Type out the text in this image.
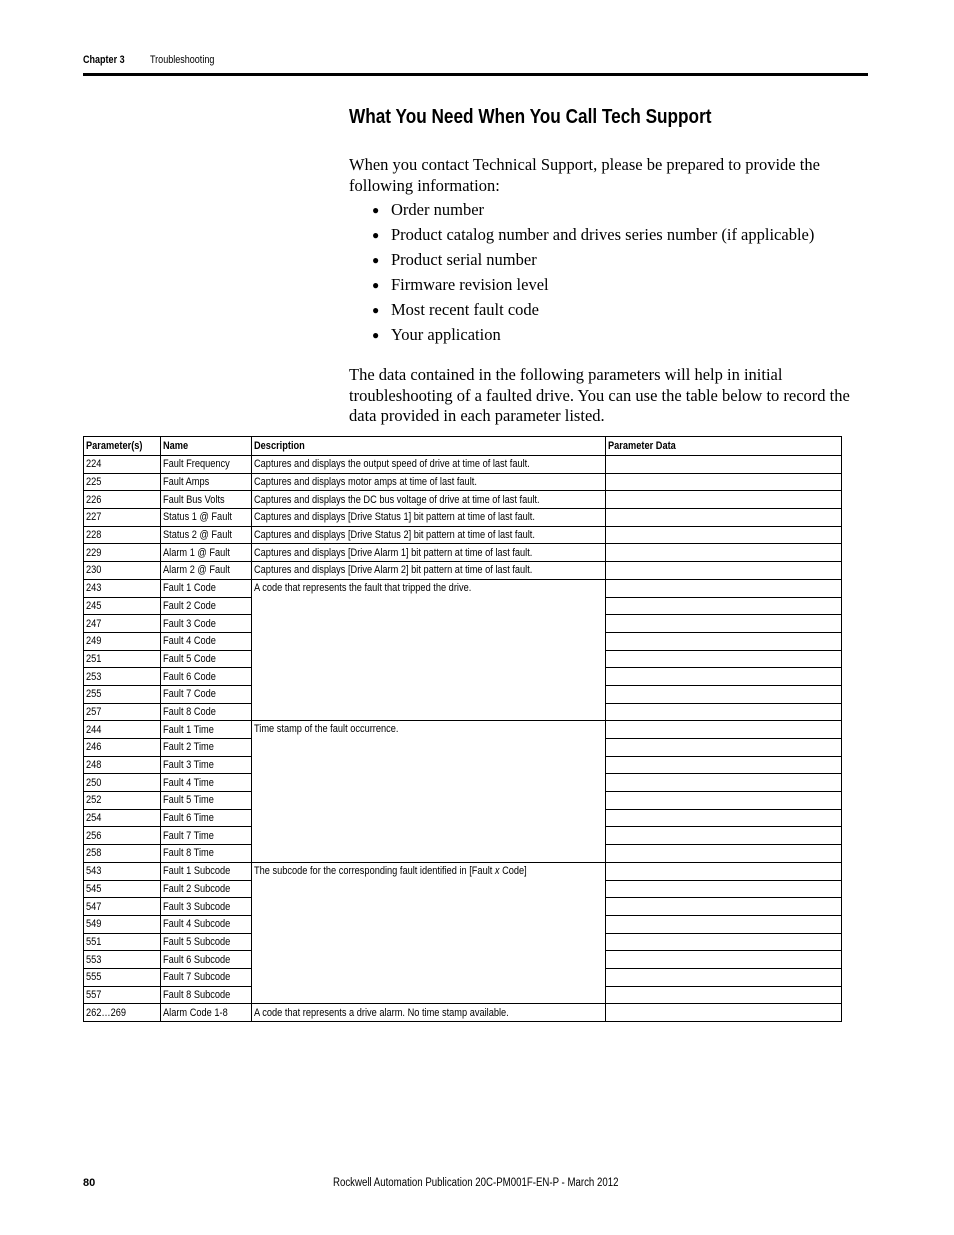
Chapter 3 Troubleshooting
What You Need When You Call Tech Support
When you contact Technical Support, please be prepared to provide the following information:
● Order number
● Product catalog number and drives series number (if applicable)
● Product serial number
● Firmware revision level
● Most recent fault code
● Your application
The data contained in the following parameters will help in initial troubleshooting of a faulted drive. You can use the table below to record the data provided in each parameter listed.
Parameter(s)	Name	Description	Parameter Data
224	Fault Frequency	Captures and displays the output speed of drive at time of last fault.	
225	Fault Amps	Captures and displays motor amps at time of last fault.	
226	Fault Bus Volts	Captures and displays the DC bus voltage of drive at time of last fault.	
227	Status 1 @ Fault	Captures and displays [Drive Status 1] bit pattern at time of last fault.	
228	Status 2 @ Fault	Captures and displays [Drive Status 2] bit pattern at time of last fault.	
229	Alarm 1 @ Fault	Captures and displays [Drive Alarm 1] bit pattern at time of last fault.	
230	Alarm 2 @ Fault	Captures and displays [Drive Alarm 2] bit pattern at time of last fault.	
243	Fault 1 Code	A code that represents the fault that tripped the drive.	
245	Fault 2 Code		
247	Fault 3 Code		
249	Fault 4 Code		
251	Fault 5 Code		
253	Fault 6 Code		
255	Fault 7 Code		
257	Fault 8 Code		
244	Fault 1 Time	Time stamp of the fault occurrence.	
246	Fault 2 Time		
248	Fault 3 Time		
250	Fault 4 Time		
252	Fault 5 Time		
254	Fault 6 Time		
256	Fault 7 Time		
258	Fault 8 Time		
543	Fault 1 Subcode	The subcode for the corresponding fault identified in [Fault x Code]	
545	Fault 2 Subcode		
547	Fault 3 Subcode		
549	Fault 4 Subcode		
551	Fault 5 Subcode		
553	Fault 6 Subcode		
555	Fault 7 Subcode		
557	Fault 8 Subcode		
262…269	Alarm Code 1-8	A code that represents a drive alarm. No time stamp available.	
80	Rockwell Automation Publication 20C-PM001F-EN-P - March 2012
